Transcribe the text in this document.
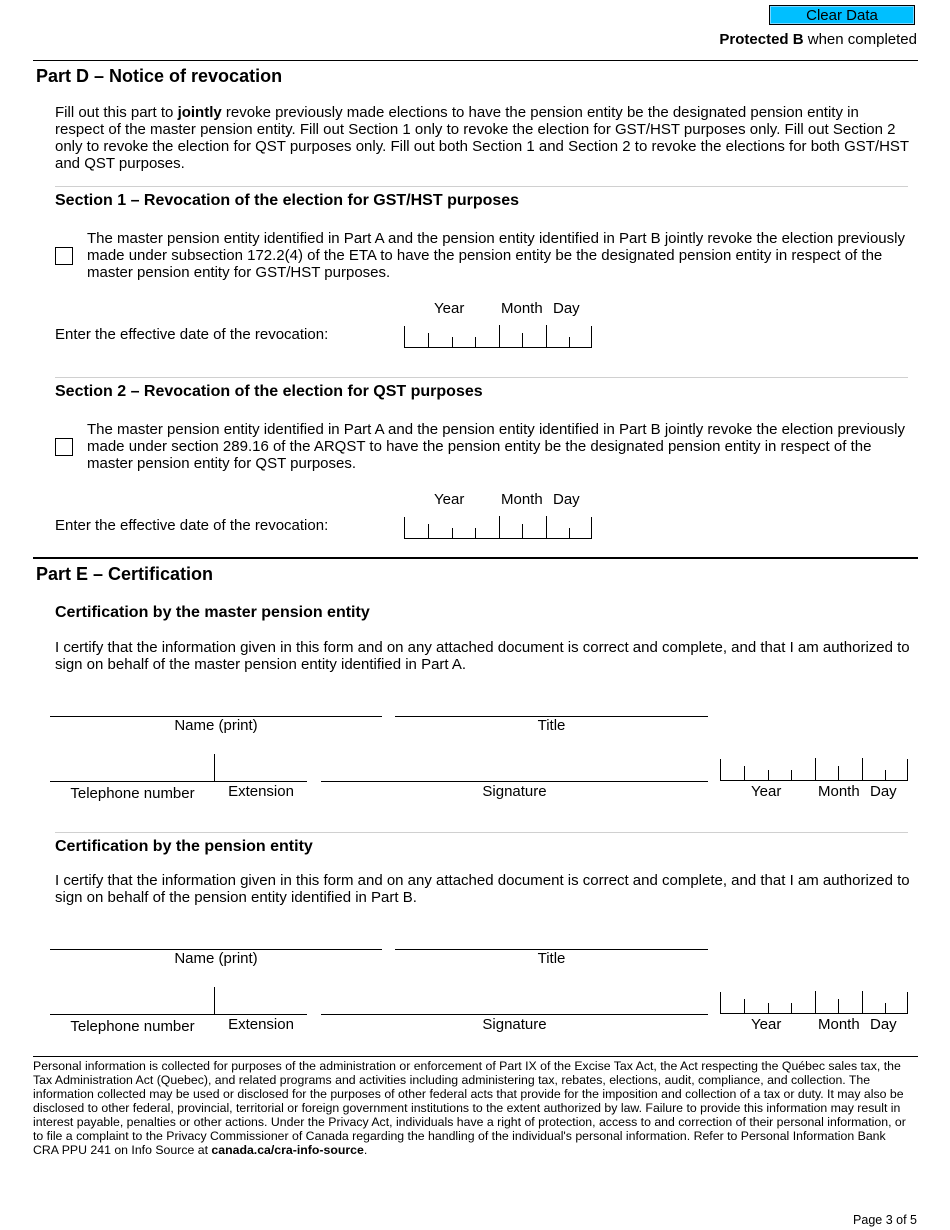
Clear Data
Protected B when completed
Part D – Notice of revocation
Fill out this part to jointly revoke previously made elections to have the pension entity be the designated pension entity in respect of the master pension entity. Fill out Section 1 only to revoke the election for GST/HST purposes only. Fill out Section 2 only to revoke the election for QST purposes only. Fill out both Section 1 and Section 2 to revoke the elections for both GST/HST and QST purposes.
Section 1 – Revocation of the election for GST/HST purposes
The master pension entity identified in Part A and the pension entity identified in Part B jointly revoke the election previously made under subsection 172.2(4) of the ETA to have the pension entity be the designated pension entity in respect of the master pension entity for GST/HST purposes.
Year Month Day
Enter the effective date of the revocation:
Section 2 – Revocation of the election for QST purposes
The master pension entity identified in Part A and the pension entity identified in Part B jointly revoke the election previously made under section 289.16 of the ARQST to have the pension entity be the designated pension entity in respect of the master pension entity for QST purposes.
Year Month Day
Enter the effective date of the revocation:
Part E – Certification
Certification by the master pension entity
I certify that the information given in this form and on any attached document is correct and complete, and that I am authorized to sign on behalf of the master pension entity identified in Part A.
Name (print)	Title
Telephone number	Extension	Signature	Year Month Day
Certification by the pension entity
I certify that the information given in this form and on any attached document is correct and complete, and that I am authorized to sign on behalf of the pension entity identified in Part B.
Name (print)	Title
Telephone number	Extension	Signature	Year Month Day
Personal information is collected for purposes of the administration or enforcement of Part IX of the Excise Tax Act, the Act respecting the Québec sales tax, the Tax Administration Act (Quebec), and related programs and activities including administering tax, rebates, elections, audit, compliance, and collection. The information collected may be used or disclosed for the purposes of other federal acts that provide for the imposition and collection of a tax or duty. It may also be disclosed to other federal, provincial, territorial or foreign government institutions to the extent authorized by law. Failure to provide this information may result in interest payable, penalties or other actions. Under the Privacy Act, individuals have a right of protection, access to and correction of their personal information, or to file a complaint to the Privacy Commissioner of Canada regarding the handling of the individual's personal information. Refer to Personal Information Bank CRA PPU 241 on Info Source at canada.ca/cra-info-source.
Page 3 of 5
